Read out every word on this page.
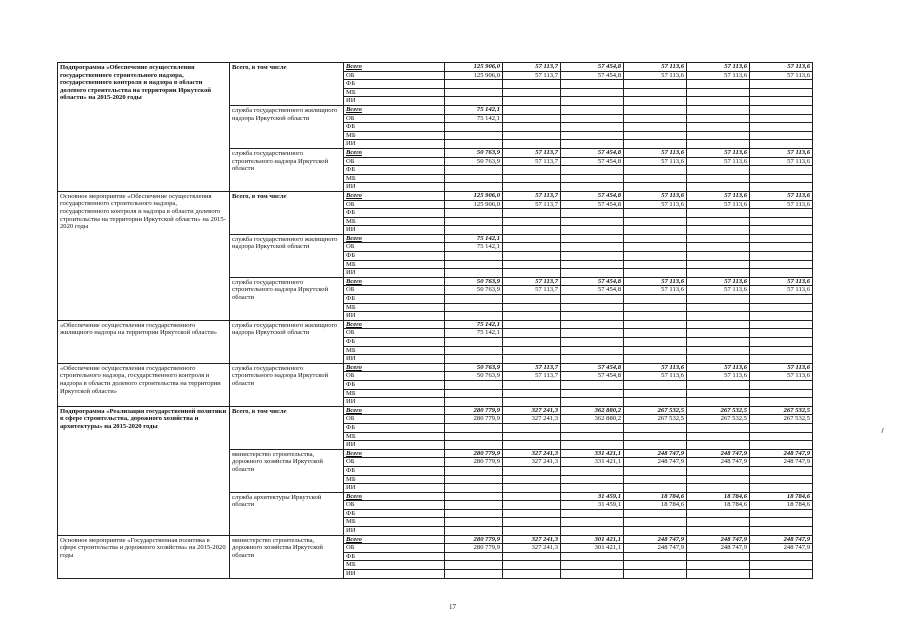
Подпрограмма «Обеспечение осуществления государственного строительного надзора, государственного контроля и надзора в области долевого строительства на территории Иркутской области» на 2015-2020 годы	Всего, в том числе	Всего	125 906,0	57 113,7	57 454,8	57 113,6	57 113,6	57 113,6
		ОБ	125 906,0	57 113,7	57 454,8	57 113,6	57 113,6	57 113,6
		ФБ						
		МБ						
		ИИ						
	служба государственного жилищного надзора Иркутской области	Всего	75 142,1					
		ОБ	75 142,1					
		ФБ						
		МБ						
		ИИ						
	служба государственного строительного надзора Иркутской области	Всего	50 763,9	57 113,7	57 454,8	57 113,6	57 113,6	57 113,6
		ОБ	50 763,9	57 113,7	57 454,8	57 113,6	57 113,6	57 113,6
		ФБ						
		МБ						
		ИИ						
Основное мероприятие «Обеспечение осуществления государственного строительного надзора, государственного контроля и надзора в области долевого строительства на территории Иркутской области» на 2015-2020 годы	Всего, в том числе	Всего	125 906,0	57 113,7	57 454,8	57 113,6	57 113,6	57 113,6
		ОБ	125 906,0	57 113,7	57 454,8	57 113,6	57 113,6	57 113,6
		ФБ						
		МБ						
		ИИ						
	служба государственного жилищного надзора Иркутской области	Всего	75 142,1					
		ОБ	75 142,1					
		ФБ						
		МБ						
		ИИ						
	служба государственного строительного надзора Иркутской области	Всего	50 763,9	57 113,7	57 454,8	57 113,6	57 113,6	57 113,6
		ОБ	50 763,9	57 113,7	57 454,8	57 113,6	57 113,6	57 113,6
		ФБ						
		МБ						
		ИИ						
«Обеспечение осуществления государственного жилищного надзора на территории Иркутской области»	служба государственного жилищного надзора Иркутской области	Всего	75 142,1					
		ОБ	75 142,1					
		ФБ						
		МБ						
		ИИ						
«Обеспечение осуществления государственного строительного надзора, государственного контроля и надзора в области долевого строительства на территории Иркутской области»	служба государственного строительного надзора Иркутской области	Всего	50 763,9	57 113,7	57 454,8	57 113,6	57 113,6	57 113,6
		ОБ	50 763,9	57 113,7	57 454,8	57 113,6	57 113,6	57 113,6
		ФБ						
		МБ						
		ИИ						
Подпрограмма «Реализация государственной политики в сфере строительства, дорожного хозяйства и архитектуры» на 2015-2020 годы	Всего, в том числе	Всего	280 779,9	327 241,3	362 880,2	267 532,5	267 532,5	267 532,5
		ОБ	280 779,9	327 241,3	362 880,2	267 532,5	267 532,5	267 532,5
		ФБ						
		МБ						
		ИИ						
	министерство строительства, дорожного хозяйства Иркутской области	Всего	280 779,9	327 241,3	331 421,1	248 747,9	248 747,9	248 747,9
		ОБ	280 779,9	327 241,3	331 421,1	248 747,9	248 747,9	248 747,9
		ФБ						
		МБ						
		ИИ						
	служба архитектуры Иркутской области	Всего			31 459,1	18 784,6	18 784,6	18 784,6
		ОБ			31 459,1	18 784,6	18 784,6	18 784,6
		ФБ						
		МБ						
		ИИ						
Основное мероприятие «Государственная политика в сфере строительства и дорожного хозяйства» на 2015-2020 годы	министерство строительства, дорожного хозяйства Иркутской области	Всего	280 779,9	327 241,3	301 421,1	248 747,9	248 747,9	248 747,9
		ОБ	280 779,9	327 241,3	301 421,1	248 747,9	248 747,9	248 747,9
		ФБ						
		МБ						
		ИИ						
17
